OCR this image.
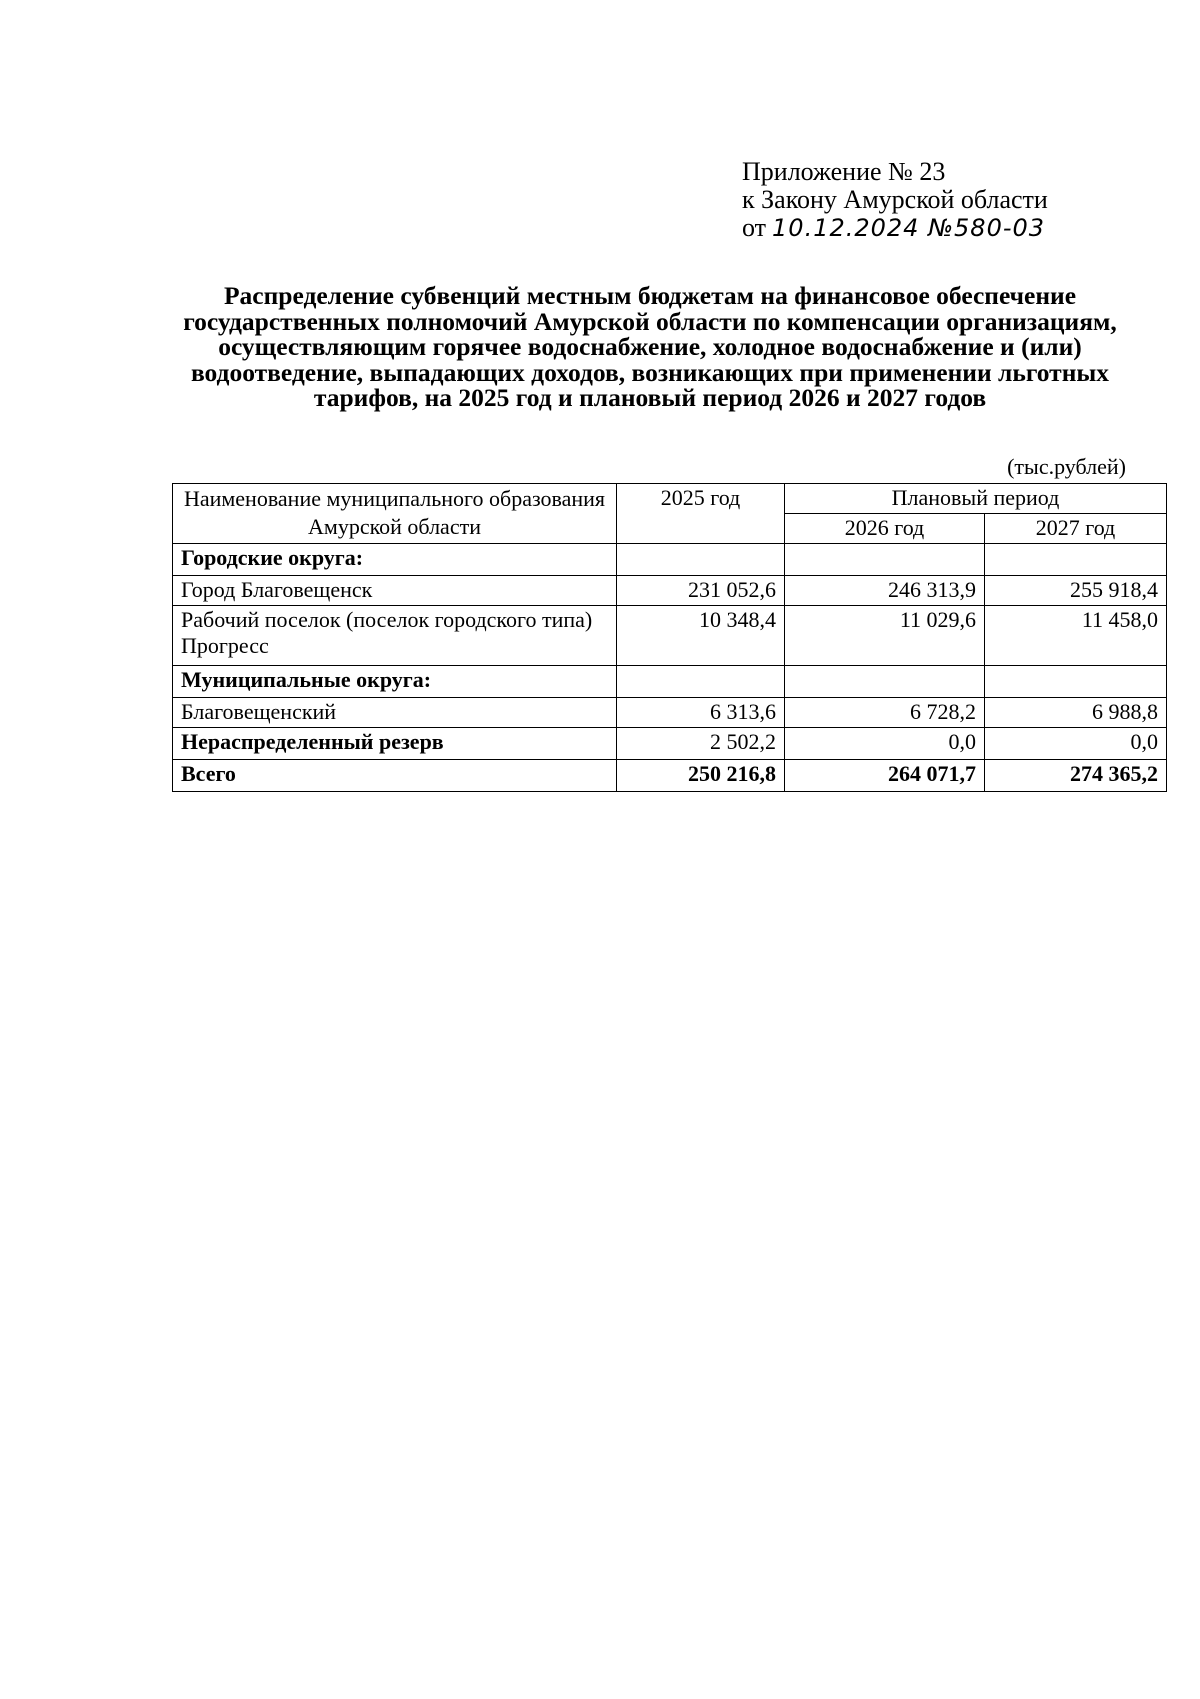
Приложение № 23
к Закону Амурской области
от 10.12.2024 №580-03
Распределение субвенций местным бюджетам на финансовое обеспечение государственных полномочий Амурской области по компенсации организациям, осуществляющим горячее водоснабжение, холодное водоснабжение и (или) водоотведение, выпадающих доходов, возникающих при применении льготных тарифов, на 2025 год и плановый период 2026 и 2027 годов
(тыс.рублей)
Наименование муниципального образования Амурской области	2025 год	Плановый период	
		2026 год	2027 год
Городские округа:			
Город Благовещенск	231 052,6	246 313,9	255 918,4
Рабочий поселок (поселок городского типа) Прогресс	10 348,4	11 029,6	11 458,0
Муниципальные округа:			
Благовещенский	6 313,6	6 728,2	6 988,8
Нераспределенный резерв	2 502,2	0,0	0,0
Всего	250 216,8	264 071,7	274 365,2
